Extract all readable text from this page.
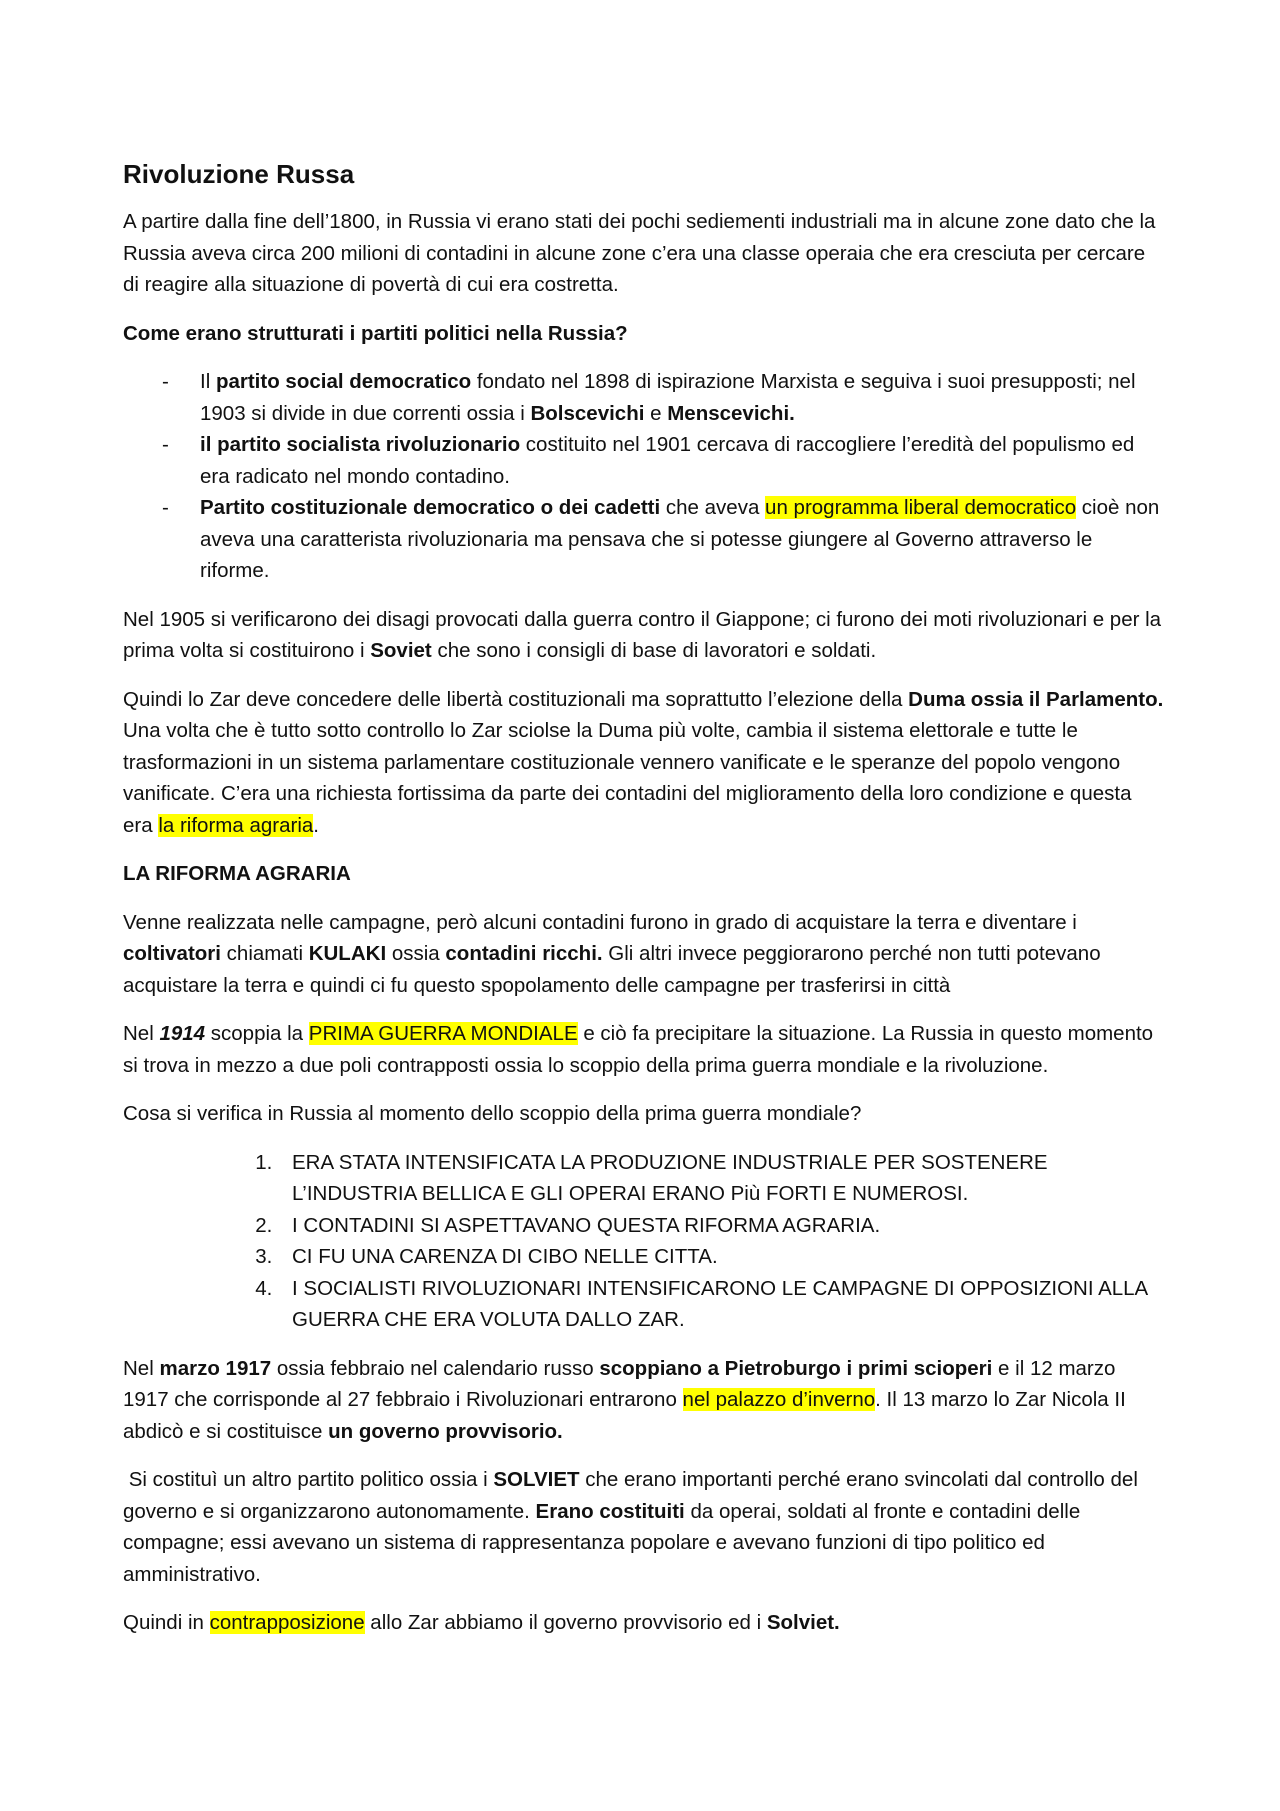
Rivoluzione Russa

A partire dalla fine dell’1800, in Russia vi erano stati dei pochi sediementi industriali ma in alcune zone dato che la Russia aveva circa 200 milioni di contadini in alcune zone c’era una classe operaia che era cresciuta per cercare di reagire alla situazione di povertà di cui era costretta.

Come erano strutturati i partiti politici nella Russia?

- Il partito social democratico fondato nel 1898 di ispirazione Marxista e seguiva i suoi presupposti; nel 1903 si divide in due correnti ossia i Bolscevichi e Menscevichi.
- il partito socialista rivoluzionario costituito nel 1901 cercava di raccogliere l’eredità del populismo ed era radicato nel mondo contadino.
- Partito costituzionale democratico o dei cadetti che aveva un programma liberal democratico cioè non aveva una caratterista rivoluzionaria ma pensava che si potesse giungere al Governo attraverso le riforme.

Nel 1905 si verificarono dei disagi provocati dalla guerra contro il Giappone; ci furono dei moti rivoluzionari e per la prima volta si costituirono i Soviet che sono i consigli di base di lavoratori e soldati.

Quindi lo Zar deve concedere delle libertà costituzionali ma soprattutto l’elezione della Duma ossia il Parlamento. Una volta che è tutto sotto controllo lo Zar sciolse la Duma più volte, cambia il sistema elettorale e tutte le trasformazioni in un sistema parlamentare costituzionale vennero vanificate e le speranze del popolo vengono vanificate. C’era una richiesta fortissima da parte dei contadini del miglioramento della loro condizione e questa era la riforma agraria.

LA RIFORMA AGRARIA

Venne realizzata nelle campagne, però alcuni contadini furono in grado di acquistare la terra e diventare i coltivatori chiamati KULAKI ossia contadini ricchi. Gli altri invece peggiorarono perché non tutti potevano acquistare la terra e quindi ci fu questo spopolamento delle campagne per trasferirsi in città

Nel 1914 scoppia la PRIMA GUERRA MONDIALE e ciò fa precipitare la situazione. La Russia in questo momento si trova in mezzo a due poli contrapposti ossia lo scoppio della prima guerra mondiale e la rivoluzione.

Cosa si verifica in Russia al momento dello scoppio della prima guerra mondiale?

1. ERA STATA INTENSIFICATA LA PRODUZIONE INDUSTRIALE PER SOSTENERE L’INDUSTRIA BELLICA E GLI OPERAI ERANO Più FORTI E NUMEROSI.
2. I CONTADINI SI ASPETTAVANO QUESTA RIFORMA AGRARIA.
3. CI FU UNA CARENZA DI CIBO NELLE CITTA.
4. I SOCIALISTI RIVOLUZIONARI INTENSIFICARONO LE CAMPAGNE DI OPPOSIZIONI ALLA GUERRA CHE ERA VOLUTA DALLO ZAR.

Nel marzo 1917 ossia febbraio nel calendario russo scoppiano a Pietroburgo i primi scioperi e il 12 marzo 1917 che corrisponde al 27 febbraio i Rivoluzionari entrarono nel palazzo d’inverno. Il 13 marzo lo Zar Nicola II abdicò e si costituisce un governo provvisorio.

Si costituì un altro partito politico ossia i SOLVIET che erano importanti perché erano svincolati dal controllo del governo e si organizzarono autonomamente. Erano costituiti da operai, soldati al fronte e contadini delle compagne; essi avevano un sistema di rappresentanza popolare e avevano funzioni di tipo politico ed amministrativo.

Quindi in contrapposizione allo Zar abbiamo il governo provvisorio ed i Solviet.
